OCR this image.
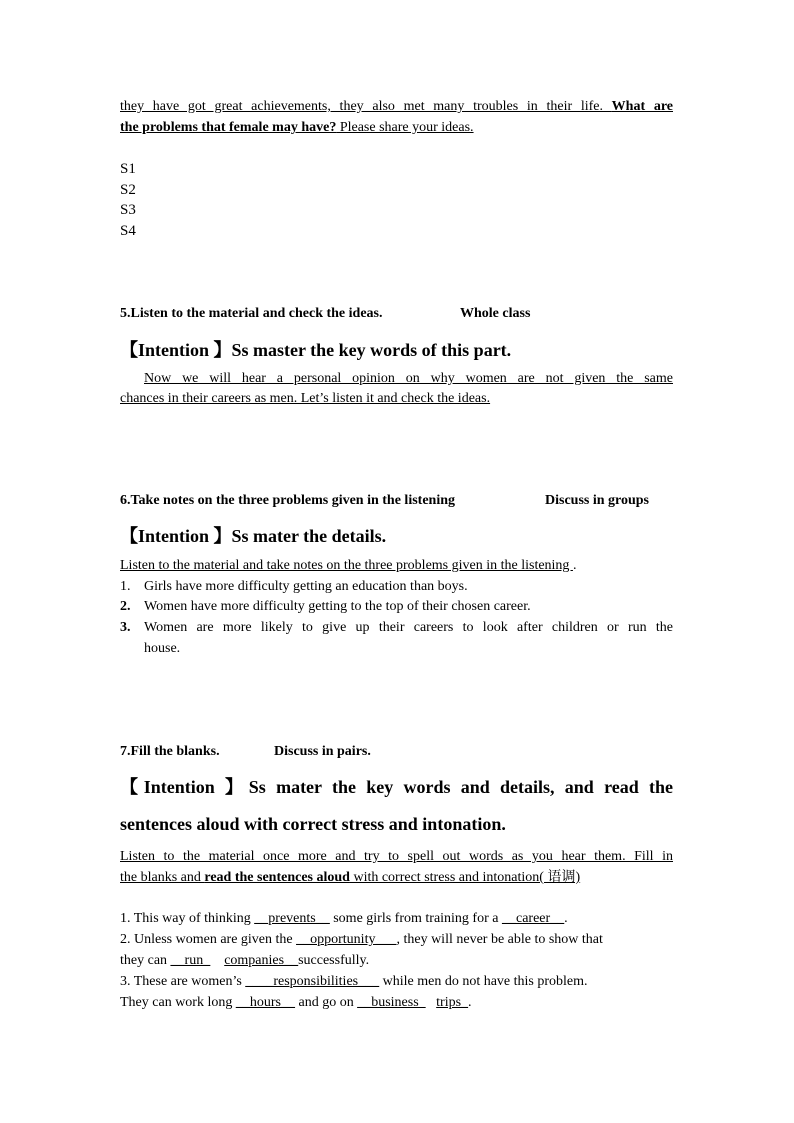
they have got great achievements, they also met many troubles in their life. What are
the problems that female may have? Please share your ideas.
S1
S2
S3
S4
5.Listen to the material and check the ideas.	Whole class
【Intention 】Ss master the key words of this part.
Now we will hear a personal opinion on why women are not given the same
chances in their careers as men. Let’s listen it and check the ideas.
6.Take notes on the three problems given in the listening	Discuss in groups
【Intention 】Ss mater the details.
Listen to the material and take notes on the three problems given in the listening .
1. Girls have more difficulty getting an education than boys.
2. Women have more difficulty getting to the top of their chosen career.
3. Women are more likely to give up their careers to look after children or run the
house.
7.Fill the blanks.	Discuss in pairs.
【Intention 】Ss mater the key words and details, and read the
sentences aloud with correct stress and intonation.
Listen to the material once more and try to spell out words as you hear them. Fill in
the blanks and read the sentences aloud with correct stress and intonation( 语调)
1. This way of thinking __prevents__ some girls from training for a __career__.
2. Unless women are given the __opportunity___, they will never be able to show that
they can __run_ companies__successfully.
3. These are women’s ____responsibilities___ while men do not have this problem.
They can work long __hours__ and go on __business     trips_.
